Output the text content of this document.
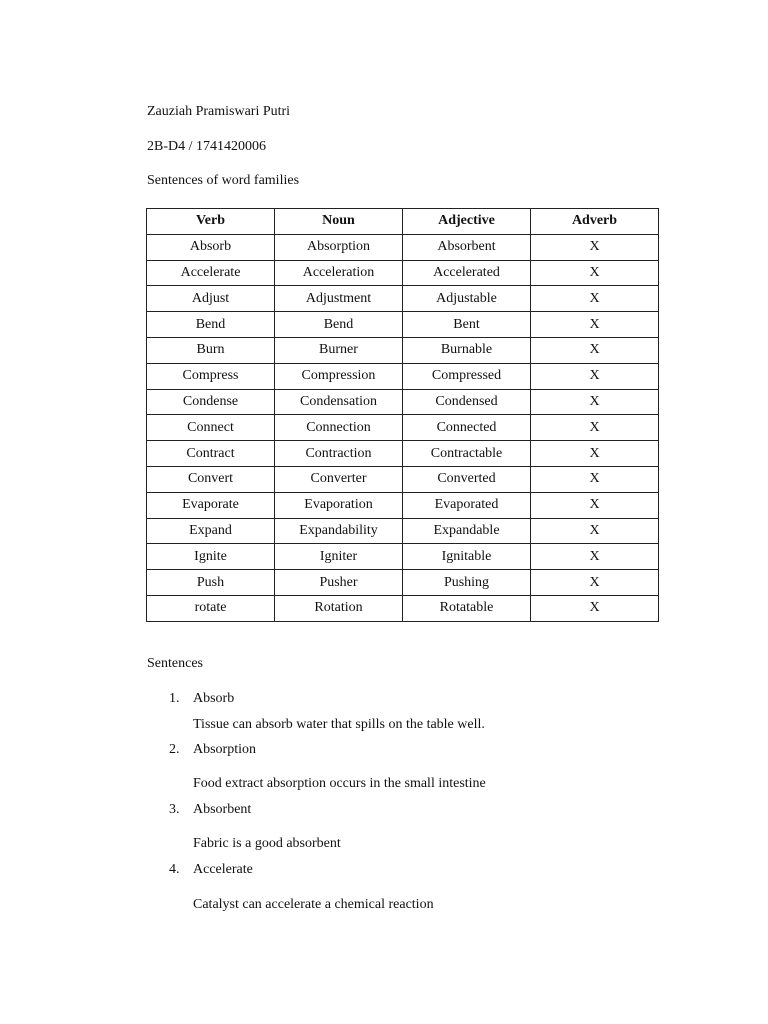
Zauziah Pramiswari Putri
2B-D4 / 1741420006
Sentences of word families
Verb	Noun	Adjective	Adverb
Absorb	Absorption	Absorbent	X
Accelerate	Acceleration	Accelerated	X
Adjust	Adjustment	Adjustable	X
Bend	Bend	Bent	X
Burn	Burner	Burnable	X
Compress	Compression	Compressed	X
Condense	Condensation	Condensed	X
Connect	Connection	Connected	X
Contract	Contraction	Contractable	X
Convert	Converter	Converted	X
Evaporate	Evaporation	Evaporated	X
Expand	Expandability	Expandable	X
Ignite	Igniter	Ignitable	X
Push	Pusher	Pushing	X
rotate	Rotation	Rotatable	X
Sentences
1. Absorb
Tissue can absorb water that spills on the table well.
2. Absorption
Food extract absorption occurs in the small intestine
3. Absorbent
Fabric is a good absorbent
4. Accelerate
Catalyst can accelerate a chemical reaction
